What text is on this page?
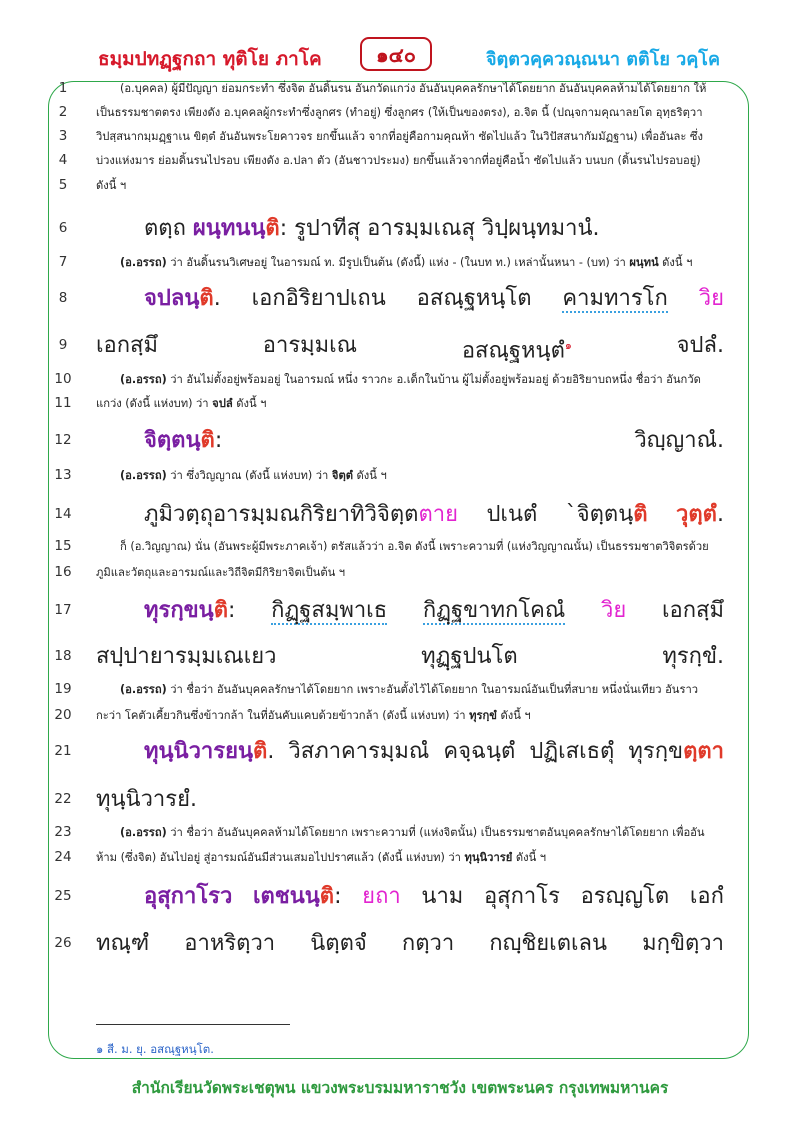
ธมฺมปทฏฺฐกถา ทุติโย ภาโค	๑๔๐	จิตฺตวคฺควณฺณนา ตติโย วคฺโค
1	(อ.บุคคล) ผู้มีปัญญา ย่อมกระทำ ซึ่งจิต อันดิ้นรน อันกวัดแกว่ง อันอันบุคคลรักษาได้โดยยาก อันอันบุคคลห้ามได้โดยยาก ให้
2	เป็นธรรมชาตตรง เพียงดัง อ.บุคคลผู้กระทำซึ่งลูกศร (ทำอยู่) ซึ่งลูกศร (ให้เป็นของตรง), อ.จิต นี้ (ปณฺจกามคุณาลยโต อุทฺธริตฺวา
3	วิปสฺสนากมฺมฏฺฐาเน ขิตฺตํ อันอันพระโยคาวจร ยกขึ้นแล้ว จากที่อยู่คือกามคุณห้า ซัดไปแล้ว ในวิปัสสนากัมมัฏฐาน) เพื่ออันละ ซึ่ง
4	บ่วงแห่งมาร ย่อมดิ้นรนไปรอบ เพียงดัง อ.ปลา ตัว (อันชาวประมง) ยกขึ้นแล้วจากที่อยู่คือน้ำ ซัดไปแล้ว บนบก (ดิ้นรนไปรอบอยู่)
5	ดังนี้ ฯ
6	ตตฺถ ผนฺทนนฺติ: รูปาทีสุ อารมฺมเณสุ วิปฺผนฺทมานํ.
7	(อ.อรรถ) ว่า อันดิ้นรนวิเศษอยู่ ในอารมณ์ ท. มีรูปเป็นต้น (ดังนี้) แห่ง - (ในบท ท.) เหล่านั้นหนา - (บท) ว่า ผนฺทนํ ดังนี้ ฯ
8	จปลนฺติ. เอกอิริยาปเถน อสณฺฐหนฺโต คามทารโก วิย
9	เอกสฺมึ	อารมฺมเณ	อสณฺฐหนฺตํ$^๑$	จปลํ.
10	(อ.อรรถ) ว่า อันไม่ตั้งอยู่พร้อมอยู่ ในอารมณ์ หนึ่ง ราวกะ อ.เด็กในบ้าน ผู้ไม่ตั้งอยู่พร้อมอยู่ ด้วยอิริยาบถหนึ่ง ชื่อว่า อันกวัด
11	แกว่ง (ดังนี้ แห่งบท) ว่า จปลํ ดังนี้ ฯ
12	จิตฺตนฺติ:	วิญฺญาณํ.
13	(อ.อรรถ) ว่า ซึ่งวิญญาณ (ดังนี้ แห่งบท) ว่า จิตฺตํ ดังนี้ ฯ
14	ภูมิวตฺถุอารมฺมณกิริยาทิวิจิตฺตตาย ปเนตํ `จิตฺตนฺติ วุตฺตํ.
15	ก็ (อ.วิญญาณ) นั่น (อันพระผู้มีพระภาคเจ้า) ตรัสแล้วว่า อ.จิต ดังนี้ เพราะความที่ (แห่งวิญญาณนั้น) เป็นธรรมชาตวิจิตรด้วย
16	ภูมิและวัตถุและอารมณ์และวิถีจิตมีกิริยาจิตเป็นต้น ฯ
17	ทุรกฺขนฺติ: กิฏฺฐสมฺพาเธ กิฏฺฐขาทกโคณํ วิย เอกสฺมึ
18 สปฺปายารมฺมเณเยว	ทุฏฺฐปนโต	ทุรกฺขํ.
19	(อ.อรรถ) ว่า ชื่อว่า อันอันบุคคลรักษาได้โดยยาก เพราะอันตั้งไว้ได้โดยยาก ในอารมณ์อันเป็นที่สบาย หนึ่งนั่นเทียว อันราว
20	กะว่า โคตัวเคี้ยวกินซึ่งข้าวกล้า ในที่อันคับแคบด้วยข้าวกล้า (ดังนี้ แห่งบท) ว่า ทุรกฺขํ ดังนี้ ฯ
21	ทุนฺนิวารยนฺติ. วิสภาคารมฺมณํ คจฺฉนฺตํ ปฏิเสเธตุํ ทุรกฺขตฺตา
22 ทุนฺนิวารยํ.
23	(อ.อรรถ) ว่า ชื่อว่า อันอันบุคคลห้ามได้โดยยาก เพราะความที่ (แห่งจิตนั้น) เป็นธรรมชาตอันบุคคลรักษาได้โดยยาก เพื่ออัน
24	ห้าม (ซึ่งจิต) อันไปอยู่ สู่อารมณ์อันมีส่วนเสมอไปปราศแล้ว (ดังนี้ แห่งบท) ว่า ทุนฺนิวารยํ ดังนี้ ฯ
25	อุสุกาโรว เตชนนฺติ: ยถา นาม อุสุกาโร อรญฺญโต เอกํ
26 ทณฺฑํ อาหริตฺวา นิตฺตจํ กตฺวา กญฺชิยเตเลน มกฺขิตฺวา
๑ สี. ม. ยุ. อสณฺฐหนฺโต.
สำนักเรียนวัดพระเชตุพน แขวงพระบรมมหาราชวัง เขตพระนคร กรุงเทพมหานคร
